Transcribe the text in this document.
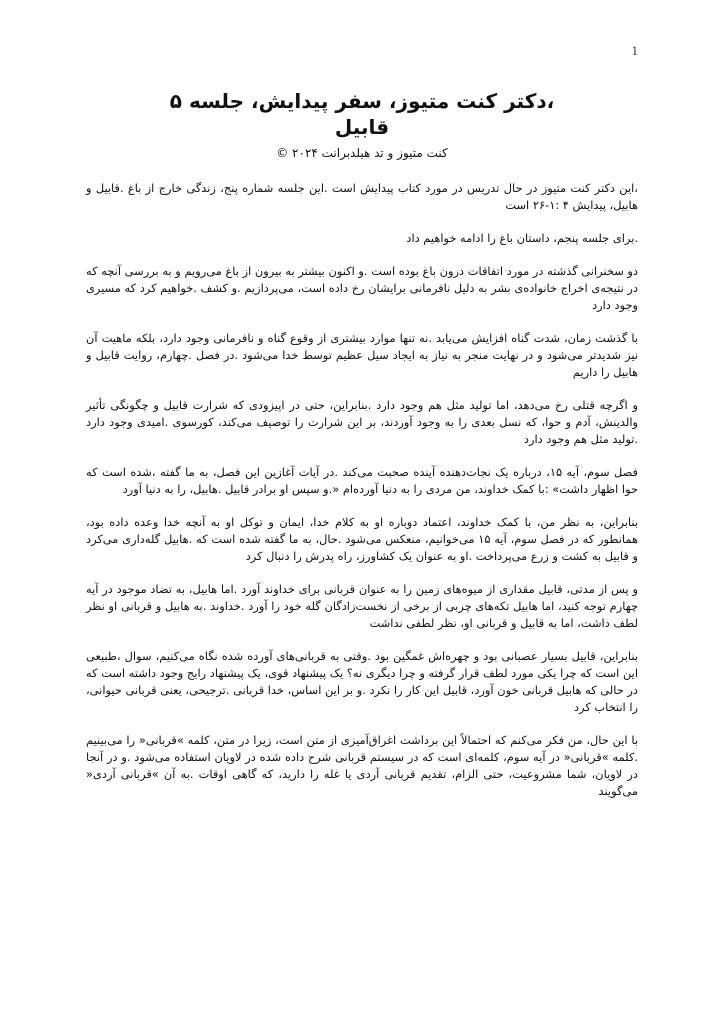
1
،دکتر کنت متیوز، سفر پیدایش، جلسه ۵
قابیل
کنت متیوز و تد هیلدبرانت ۲۰۲۴ ©

،این دکتر کنت متیوز در حال تدریس در مورد کتاب پیدایش است .این جلسه شماره پنج، زندگی خارج از باغ .قابیل و هابیل، پیدایش ۴ :۱-۲۶ است

.برای جلسه پنجم، داستان باغ را ادامه خواهیم داد

دو سخنرانی گذشته در مورد اتفاقات درون باغ بوده است .و اکنون بیشتر به بیرون از باغ می‌رویم و به بررسی آنچه که در نتیجه‌ی اخراج خانواده‌ی بشر به دلیل نافرمانی برایشان رخ داده است، می‌پردازیم .و کشف .خواهیم کرد که مسیری وجود دارد

با گذشت زمان، شدت گناه افزایش می‌یابد .نه تنها موارد بیشتری از وقوع گناه و نافرمانی وجود دارد، بلکه ماهیت آن نیز شدیدتر می‌شود و در نهایت منجر به نیاز به ایجاد سیل عظیم توسط خدا می‌شود .در فصل .چهارم، روایت قابیل و هابیل را داریم

و اگرچه قتلی رخ می‌دهد، اما تولید مثل هم وجود دارد .بنابراین، حتی در اپیزودی که شرارت قابیل و چگونگی تأثیر والدینش، آدم و حوا، که نسل بعدی را به وجود آوردند، بر این شرارت را توصیف می‌کند، کورسوی .امیدی وجود دارد .تولید مثل هم وجود دارد

فصل سوم، آیه ۱۵، درباره یک نجات‌دهنده آینده صحبت می‌کند .در آیات آغازین این فصل، به ما گفته ،شده است که حوا اظهار داشت» :با کمک خداوند، من مردی را به دنیا آورده‌ام «.و سپس او برادر قابیل .هابیل، را به دنیا آورد

بنابراین، به نظر من، با کمک خداوند، اعتماد دوباره او به کلام خدا، ایمان و توکل او به آنچه خدا وعده داده بود، همانطور که در فصل سوم، آیه ۱۵ می‌خوانیم، منعکس می‌شود .حال، به ما گفته شده است که .هابیل گله‌داری می‌کرد و قابیل به کشت و زرع می‌پرداخت .او به عنوان یک کشاورز، راه پدرش را دنبال کرد

و پس از مدتی، قابیل مقداری از میوه‌های زمین را به عنوان قربانی برای خداوند آورد .اما هابیل، به تضاد موجود در آیه چهارم توجه کنید، اما هابیل تکه‌های چربی از برخی از نخست‌زادگان گله خود را آورد .خداوند .به هابیل و قربانی او نظر لطف داشت، اما به قابیل و قربانی او، نظر لطفی نداشت

بنابراین، قابیل بسیار عصبانی بود و چهره‌اش غمگین بود .وقتی به قربانی‌های آورده شده نگاه می‌کنیم، سوال ،طبیعی این است که چرا یکی مورد لطف قرار گرفته و چرا دیگری نه؟ یک پیشنهاد قوی، یک پیشنهاد رایج وجود داشته است که در حالی که هابیل قربانی خون آورد، قابیل این کار را نکرد .و بر این اساس، خدا قربانی .ترجیحی، یعنی قربانی حیوانی، را انتخاب کرد

با این حال، من فکر می‌کنم که احتمالاً این برداشت اغراق‌آمیزی از متن است، زیرا در متن، کلمه »قربانی« را می‌بینیم .کلمه »قربانی« در آیه سوم، کلمه‌ای است که در سیستم قربانی شرح داده شده در لاویان استفاده می‌شود .و در آنجا در لاویان، شما مشروعیت، حتی الزام، تقدیم قربانی آردی یا غله را دارید، که گاهی اوقات .به آن »قربانی آردی« می‌گویند
